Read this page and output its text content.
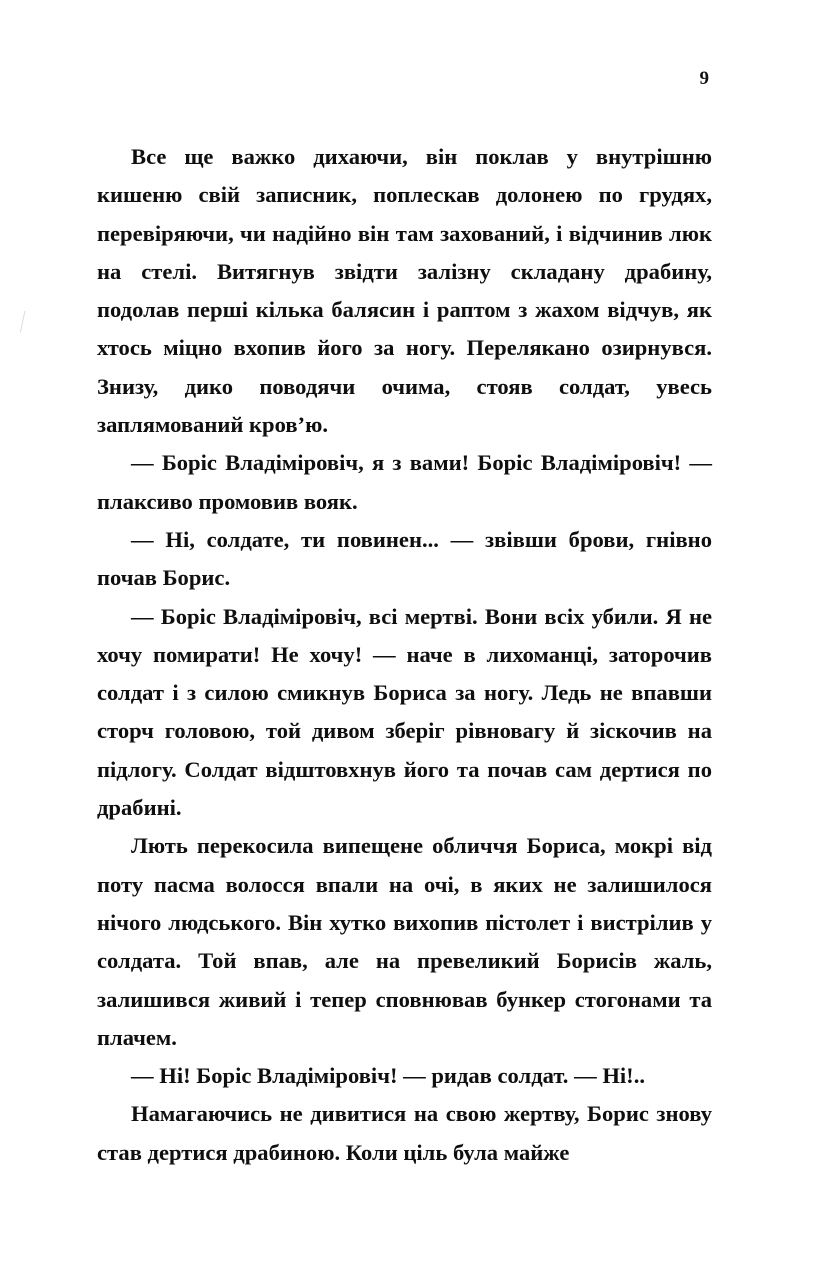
9

Все ще важко дихаючи, він поклав у внутрішню кишеню свій записник, поплескав долонею по грудях, перевіряючи, чи надійно він там захований, і відчинив люк на стелі. Витягнув звідти залізну складану драбину, подолав перші кілька балясин і раптом з жахом відчув, як хтось міцно вхопив його за ногу. Перелякано озирнувся. Знизу, дико поводячи очима, стояв солдат, увесь заплямований кров’ю.

— Боріс Владіміровіч, я з вами! Боріс Владіміровіч! — плаксиво промовив вояк.

— Ні, солдате, ти повинен... — звівши брови, гнівно почав Борис.

— Боріс Владіміровіч, всі мертві. Вони всіх убили. Я не хочу помирати! Не хочу! — наче в лихоманці, заторочив солдат і з силою смикнув Бориса за ногу. Ледь не впавши сторч головою, той дивом зберіг рівновагу й зіскочив на підлогу. Солдат відштовхнув його та почав сам дертися по драбині.

Лють перекосила випещене обличчя Бориса, мокрі від поту пасма волосся впали на очі, в яких не залишилося нічого людського. Він хутко вихопив пістолет і вистрілив у солдата. Той впав, але на превеликий Борисів жаль, залишився живий і тепер сповнював бункер стогонами та плачем.

— Ні! Боріс Владіміровіч! — ридав солдат. — Ні!..

Намагаючись не дивитися на свою жертву, Борис знову став дертися драбиною. Коли ціль була майже
